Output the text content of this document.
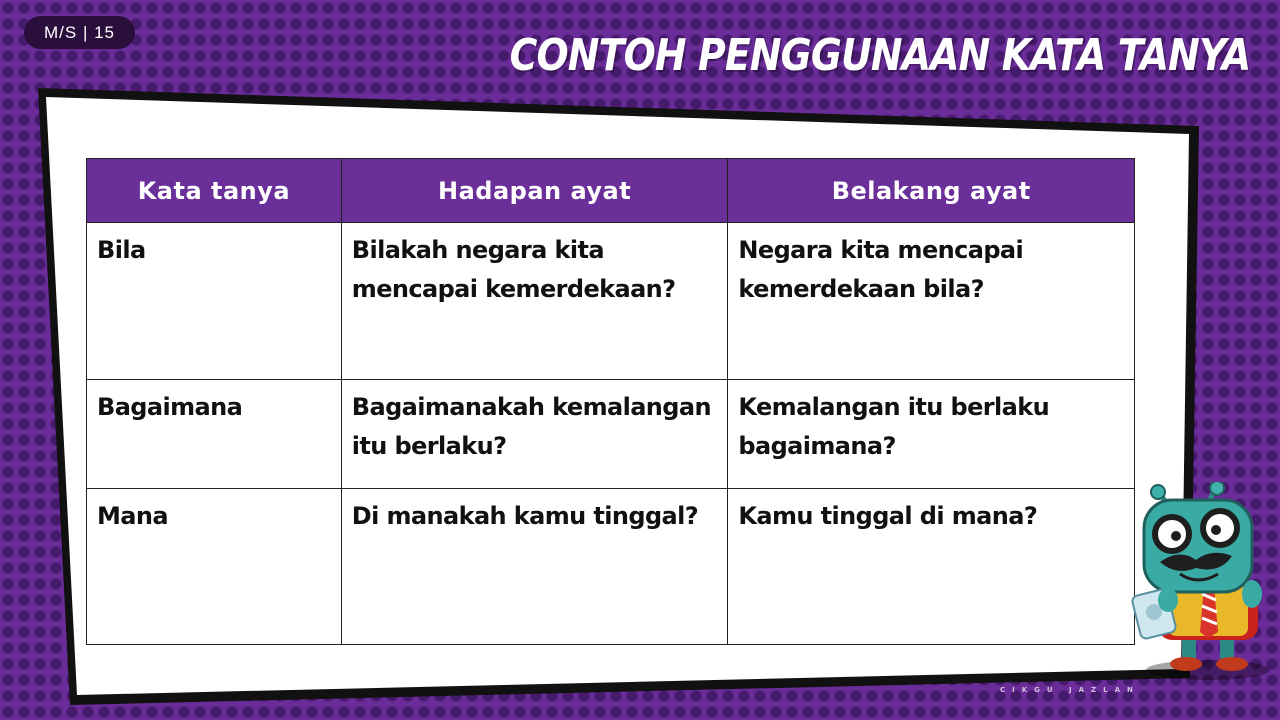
M/S | 15	CONTOH PENGGUNAAN KATA TANYA
Kata tanya	Hadapan ayat	Belakang ayat
Bila	Bilakah negara kita mencapai kemerdekaan?	Negara kita mencapai kemerdekaan bila?
Bagaimana	Bagaimanakah kemalangan itu berlaku?	Kemalangan itu berlaku bagaimana?
Mana	Di manakah kamu tinggal?	Kamu tinggal di mana?
CIKGU JAZLAN
